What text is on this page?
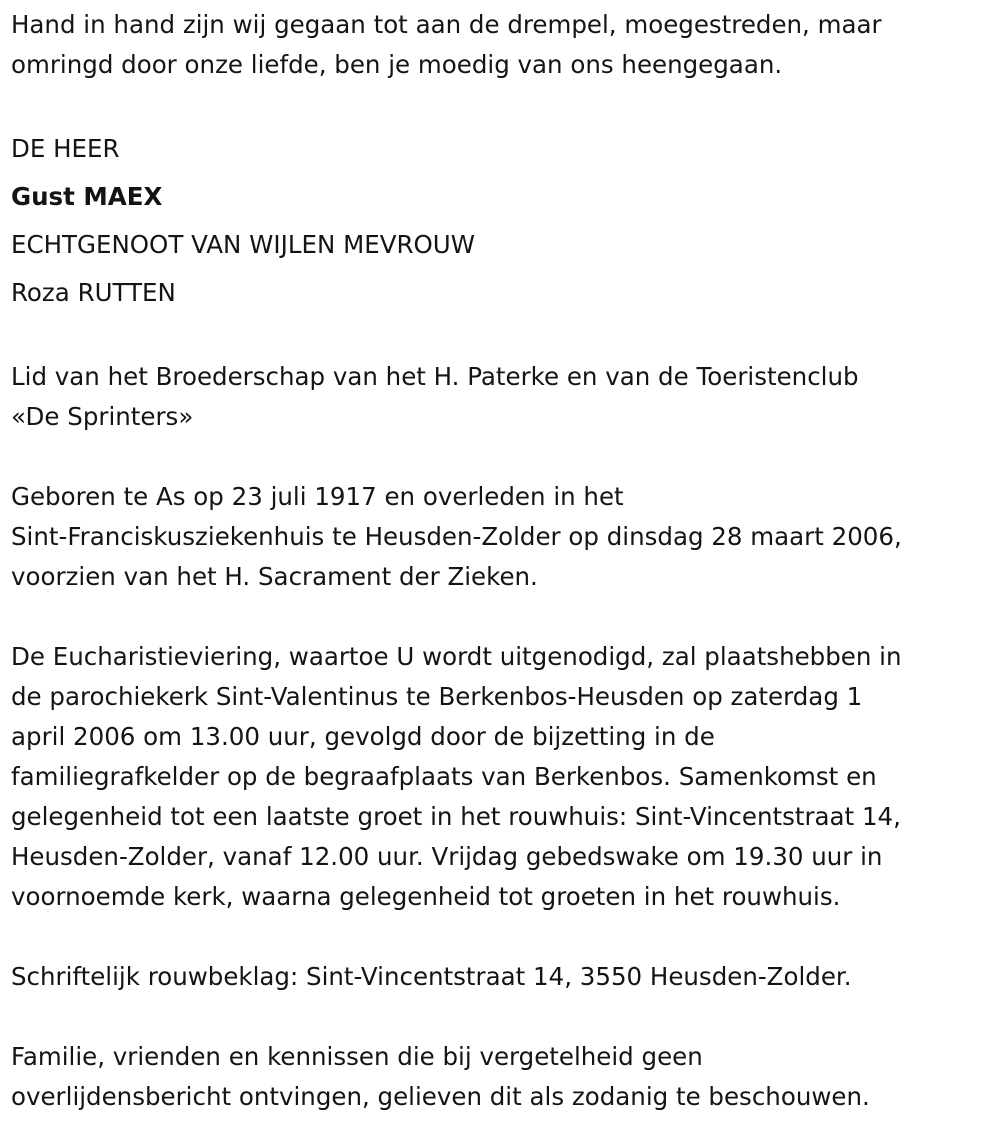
Hand in hand zijn wij gegaan tot aan de drempel, moegestreden, maar
omringd door onze liefde, ben je moedig van ons heengegaan.
DE HEER
Gust MAEX
ECHTGENOOT VAN WIJLEN MEVROUW
Roza RUTTEN
Lid van het Broederschap van het H. Paterke en van de Toeristenclub
«De Sprinters»
Geboren te As op 23 juli 1917 en overleden in het
Sint-Franciskusziekenhuis te Heusden-Zolder op dinsdag 28 maart 2006,
voorzien van het H. Sacrament der Zieken.
De Eucharistieviering, waartoe U wordt uitgenodigd, zal plaatshebben in
de parochiekerk Sint-Valentinus te Berkenbos-Heusden op zaterdag 1
april 2006 om 13.00 uur, gevolgd door de bijzetting in de
familiegrafkelder op de begraafplaats van Berkenbos. Samenkomst en
gelegenheid tot een laatste groet in het rouwhuis: Sint-Vincentstraat 14,
Heusden-Zolder, vanaf 12.00 uur. Vrijdag gebedswake om 19.30 uur in
voornoemde kerk, waarna gelegenheid tot groeten in het rouwhuis.
Schriftelijk rouwbeklag: Sint-Vincentstraat 14, 3550 Heusden-Zolder.
Familie, vrienden en kennissen die bij vergetelheid geen
overlijdensbericht ontvingen, gelieven dit als zodanig te beschouwen.
